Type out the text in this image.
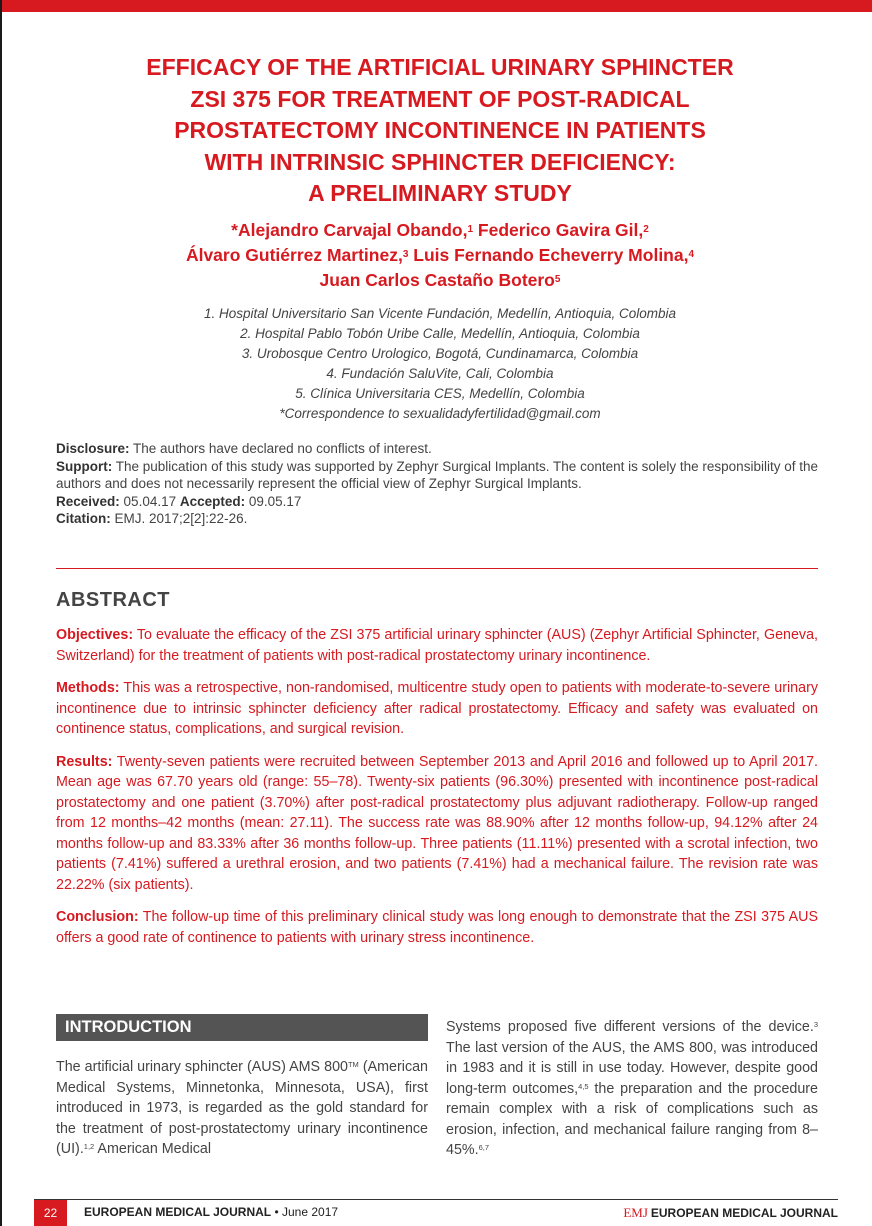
EFFICACY OF THE ARTIFICIAL URINARY SPHINCTER
ZSI 375 FOR TREATMENT OF POST-RADICAL
PROSTATECTOMY INCONTINENCE IN PATIENTS
WITH INTRINSIC SPHINCTER DEFICIENCY:
A PRELIMINARY STUDY
*Alejandro Carvajal Obando,$^1$ Federico Gavira Gil,$^2$
Álvaro Gutiérrez Martinez,$^3$ Luis Fernando Echeverry Molina,$^4$
Juan Carlos Castaño Botero$^5$
1. Hospital Universitario San Vicente Fundación, Medellín, Antioquia, Colombia
2. Hospital Pablo Tobón Uribe Calle, Medellín, Antioquia, Colombia
3. Urobosque Centro Urologico, Bogotá, Cundinamarca, Colombia
4. Fundación SaluVite, Cali, Colombia
5. Clínica Universitaria CES, Medellín, Colombia
*Correspondence to sexualidadyfertilidad@gmail.com

Disclosure: The authors have declared no conflicts of interest.

Support: The publication of this study was supported by Zephyr Surgical Implants. The content is solely the responsibility of the authors and does not necessarily represent the official view of Zephyr Surgical Implants.

Received: 05.04.17 Accepted: 09.05.17

Citation: EMJ. 2017;2[2]:22-26.

ABSTRACT

Objectives: To evaluate the efficacy of the ZSI 375 artificial urinary sphincter (AUS) (Zephyr Artificial Sphincter, Geneva, Switzerland) for the treatment of patients with post-radical prostatectomy urinary incontinence.

Methods: This was a retrospective, non-randomised, multicentre study open to patients with moderate-to-severe urinary incontinence due to intrinsic sphincter deficiency after radical prostatectomy. Efficacy and safety was evaluated on continence status, complications, and surgical revision.

Results: Twenty-seven patients were recruited between September 2013 and April 2016 and followed up to April 2017. Mean age was 67.70 years old (range: 55–78). Twenty-six patients (96.30%) presented with incontinence post-radical prostatectomy and one patient (3.70%) after post-radical prostatectomy plus adjuvant radiotherapy. Follow-up ranged from 12 months–42 months (mean: 27.11). The success rate was 88.90% after 12 months follow-up, 94.12% after 24 months follow-up and 83.33% after 36 months follow-up. Three patients (11.11%) presented with a scrotal infection, two patients (7.41%) suffered a urethral erosion, and two patients (7.41%) had a mechanical failure. The revision rate was 22.22% (six patients).

Conclusion: The follow-up time of this preliminary clinical study was long enough to demonstrate that the ZSI 375 AUS offers a good rate of continence to patients with urinary stress incontinence.

INTRODUCTION

The artificial urinary sphincter (AUS) AMS 800™ (American Medical Systems, Minnetonka, Minnesota, USA), first introduced in 1973, is regarded as the gold standard for the treatment of post-prostatectomy urinary incontinence (UI).$^{1,2}$ American Medical

Systems proposed five different versions of the device.$^3$ The last version of the AUS, the AMS 800, was introduced in 1983 and it is still in use today. However, despite good long-term outcomes,$^{4,5}$ the preparation and the procedure remain complex with a risk of complications such as erosion, infection, and mechanical failure ranging from 8–45%.$^{6,7}$

22	EUROPEAN MEDICAL JOURNAL • June 2017	EMJ EUROPEAN MEDICAL JOURNAL
